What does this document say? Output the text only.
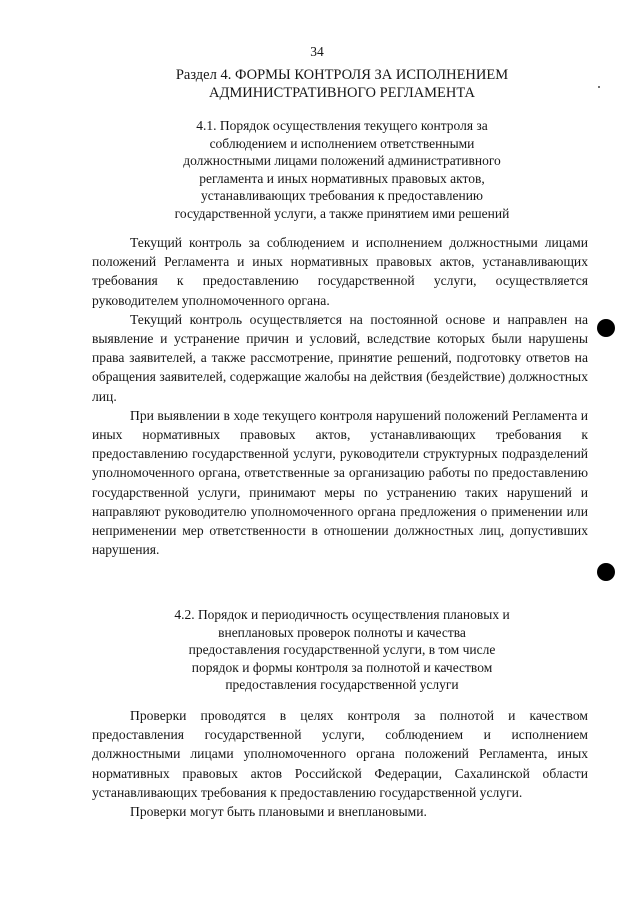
34
Раздел 4. ФОРМЫ КОНТРОЛЯ ЗА ИСПОЛНЕНИЕМ
АДМИНИСТРАТИВНОГО РЕГЛАМЕНТА
4.1. Порядок осуществления текущего контроля за
соблюдением и исполнением ответственными
должностными лицами положений административного
регламента и иных нормативных правовых актов,
устанавливающих требования к предоставлению
государственной услуги, а также принятием ими решений

Текущий контроль за соблюдением и исполнением должностными лицами положений Регламента и иных нормативных правовых актов, устанавливающих требования к предоставлению государственной услуги, осуществляется руководителем уполномоченного органа.

Текущий контроль осуществляется на постоянной основе и направлен на выявление и устранение причин и условий, вследствие которых были нарушены права заявителей, а также рассмотрение, принятие решений, подготовку ответов на обращения заявителей, содержащие жалобы на действия (бездействие) должностных лиц.

При выявлении в ходе текущего контроля нарушений положений Регламента и иных нормативных правовых актов, устанавливающих требования к предоставлению государственной услуги, руководители структурных подразделений уполномоченного органа, ответственные за организацию работы по предоставлению государственной услуги, принимают меры по устранению таких нарушений и направляют руководителю уполномоченного органа предложения о применении или неприменении мер ответственности в отношении должностных лиц, допустивших нарушения.

4.2. Порядок и периодичность осуществления плановых и
внеплановых проверок полноты и качества
предоставления государственной услуги, в том числе
порядок и формы контроля за полнотой и качеством
предоставления государственной услуги

Проверки проводятся в целях контроля за полнотой и качеством предоставления государственной услуги, соблюдением и исполнением должностными лицами уполномоченного органа положений Регламента, иных нормативных правовых актов Российской Федерации, Сахалинской области устанавливающих требования к предоставлению государственной услуги.

Проверки могут быть плановыми и внеплановыми.
